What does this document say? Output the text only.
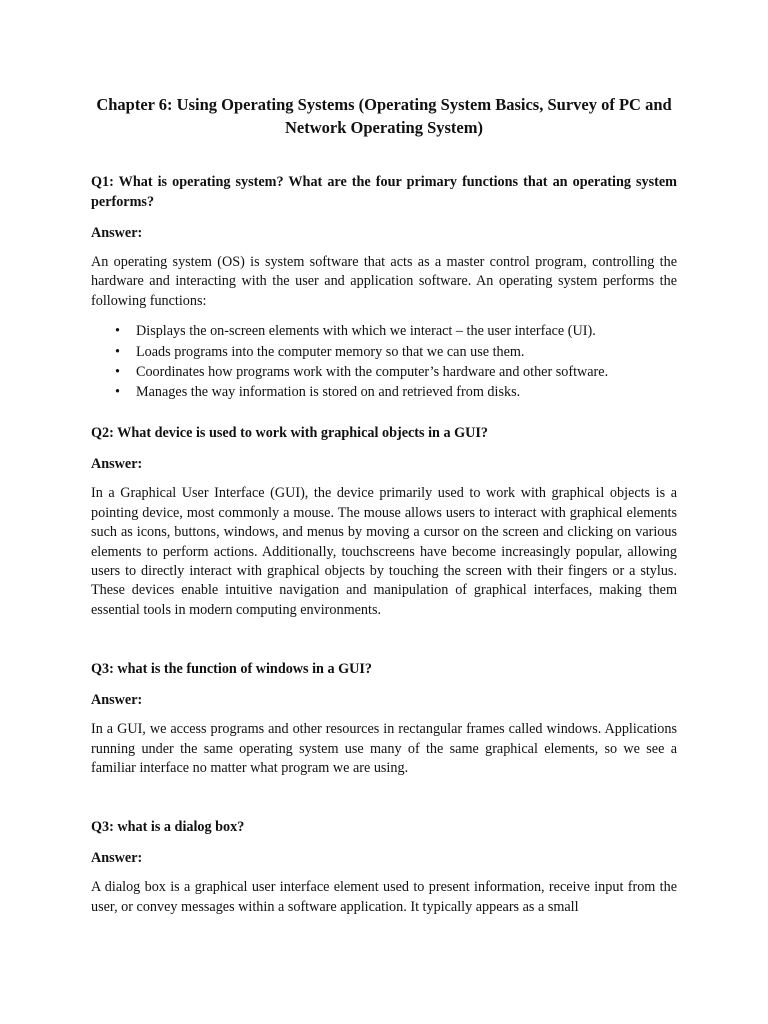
Chapter 6: Using Operating Systems (Operating System Basics, Survey of PC and Network Operating System)

Q1: What is operating system? What are the four primary functions that an operating system performs?

Answer:

An operating system (OS) is system software that acts as a master control program, controlling the hardware and interacting with the user and application software. An operating system performs the following functions:

• Displays the on-screen elements with which we interact – the user interface (UI).
• Loads programs into the computer memory so that we can use them.
• Coordinates how programs work with the computer’s hardware and other software.
• Manages the way information is stored on and retrieved from disks.

Q2: What device is used to work with graphical objects in a GUI?

Answer:

In a Graphical User Interface (GUI), the device primarily used to work with graphical objects is a pointing device, most commonly a mouse. The mouse allows users to interact with graphical elements such as icons, buttons, windows, and menus by moving a cursor on the screen and clicking on various elements to perform actions. Additionally, touchscreens have become increasingly popular, allowing users to directly interact with graphical objects by touching the screen with their fingers or a stylus. These devices enable intuitive navigation and manipulation of graphical interfaces, making them essential tools in modern computing environments.

Q3: what is the function of windows in a GUI?

Answer:

In a GUI, we access programs and other resources in rectangular frames called windows. Applications running under the same operating system use many of the same graphical elements, so we see a familiar interface no matter what program we are using.

Q3: what is a dialog box?

Answer:

A dialog box is a graphical user interface element used to present information, receive input from the user, or convey messages within a software application. It typically appears as a small
